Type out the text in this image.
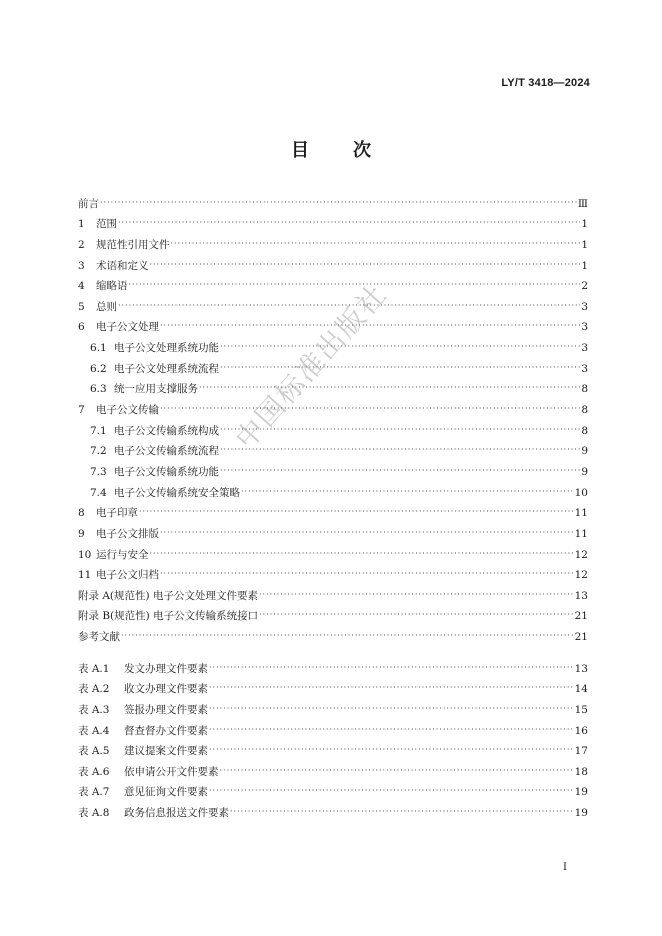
LY/T 3418—2024
目 次
前言 ·····	Ⅲ
1	范围 ·····	1
2	规范性引用文件 ·····	1
3	术语和定义 ·····	1
4	缩略语 ·····	2
5	总则 ·····	3
6	电子公文处理 ·····	3
6.1 电子公文处理系统功能 ·····	3
6.2 电子公文处理系统流程 ·····	3
6.3 统一应用支撑服务 ·····	8
7	电子公文传输 ·····	8
7.1 电子公文传输系统构成 ·····	8
7.2 电子公文传输系统流程 ·····	9
7.3 电子公文传输系统功能 ·····	9
7.4 电子公文传输系统安全策略 ·····	10
8	电子印章 ·····	11
9	电子公文排版 ·····	11
10 运行与安全 ·····	12
11 电子公文归档 ·····	12
附录 A(规范性) 电子公文处理文件要素 ·····	13
附录 B(规范性) 电子公文传输系统接口 ·····	21
参考文献 ·····	21
表 A.1	发文办理文件要素 ·····	13
表 A.2	收文办理文件要素 ·····	14
表 A.3	签报办理文件要素 ·····	15
表 A.4	督查督办文件要素 ·····	16
表 A.5	建议提案文件要素 ·····	17
表 A.6	依申请公开文件要素 ·····	18
表 A.7	意见征询文件要素 ·····	19
表 A.8	政务信息报送文件要素 ·····	19
I
中国标准出版社
